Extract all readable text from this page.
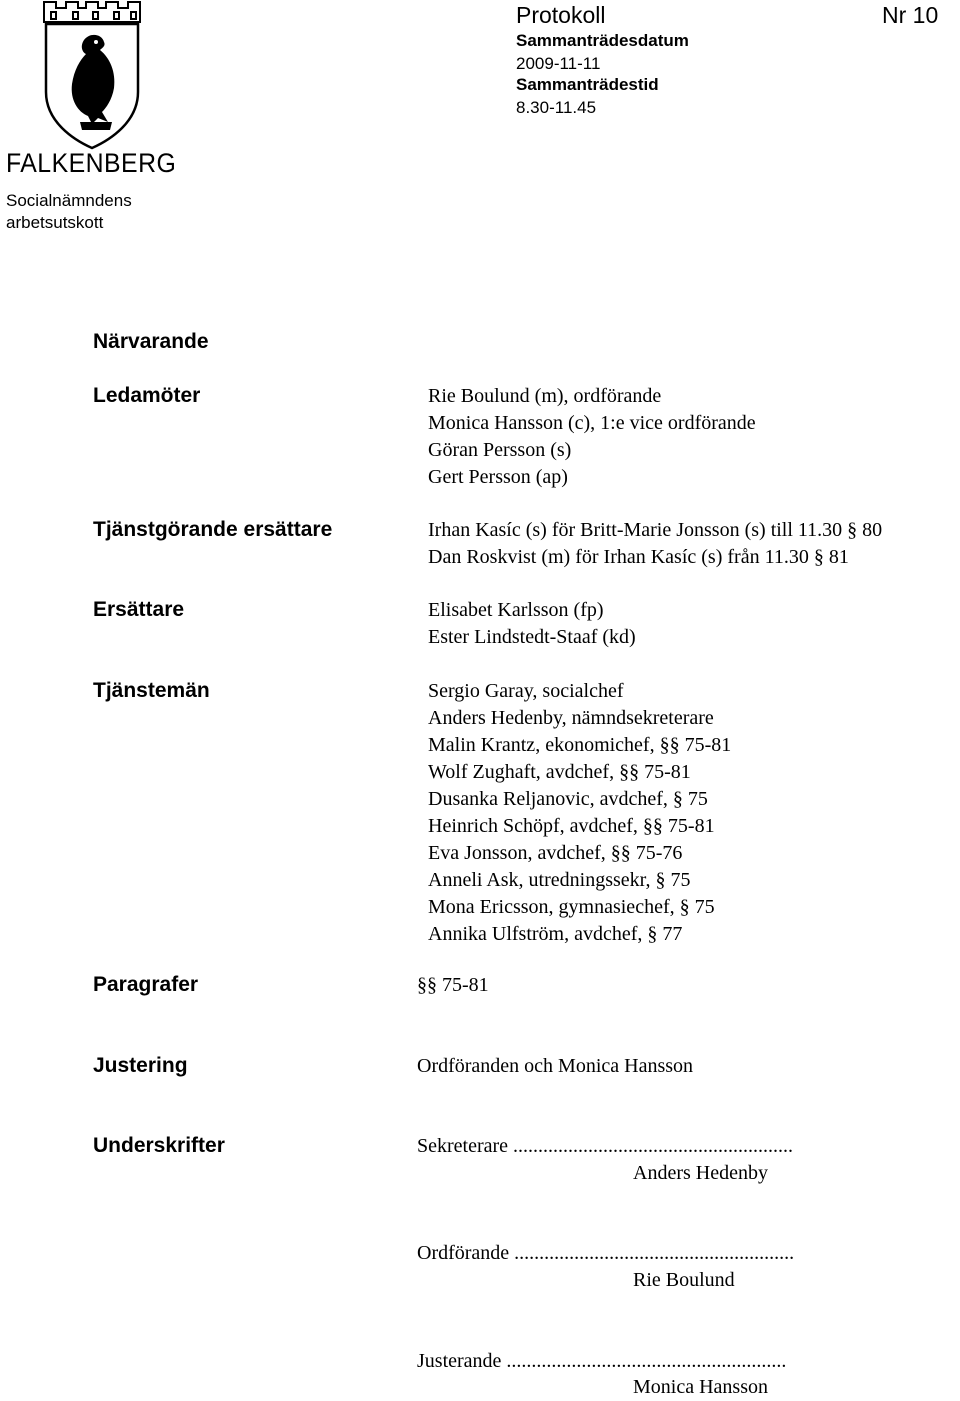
FALKENBERG
Socialnämndens
arbetsutskott
Protokoll	Nr 10
Sammanträdesdatum
2009-11-11
Sammanträdestid
8.30-11.45
Närvarande
Ledamöter	Rie Boulund (m), ordförande
Monica Hansson (c), 1:e vice ordförande
Göran Persson (s)
Gert Persson (ap)
Tjänstgörande ersättare	Irhan Kasíc (s) för Britt-Marie Jonsson (s) till 11.30 § 80
Dan Roskvist (m) för Irhan Kasíc (s) från 11.30 § 81
Ersättare	Elisabet Karlsson (fp)
Ester Lindstedt-Staaf (kd)
Tjänstemän	Sergio Garay, socialchef
Anders Hedenby, nämndsekreterare
Malin Krantz, ekonomichef, §§ 75-81
Wolf Zughaft, avdchef, §§ 75-81
Dusanka Reljanovic, avdchef, § 75
Heinrich Schöpf, avdchef, §§ 75-81
Eva Jonsson, avdchef, §§ 75-76
Anneli Ask, utredningssekr, § 75
Mona Ericsson, gymnasiechef, § 75
Annika Ulfström, avdchef, § 77
Paragrafer	§§ 75-81
Justering	Ordföranden och Monica Hansson
Underskrifter	Sekreterare ........................................................
Anders Hedenby
Ordförande ........................................................
Rie Boulund
Justerande ........................................................
Monica Hansson
